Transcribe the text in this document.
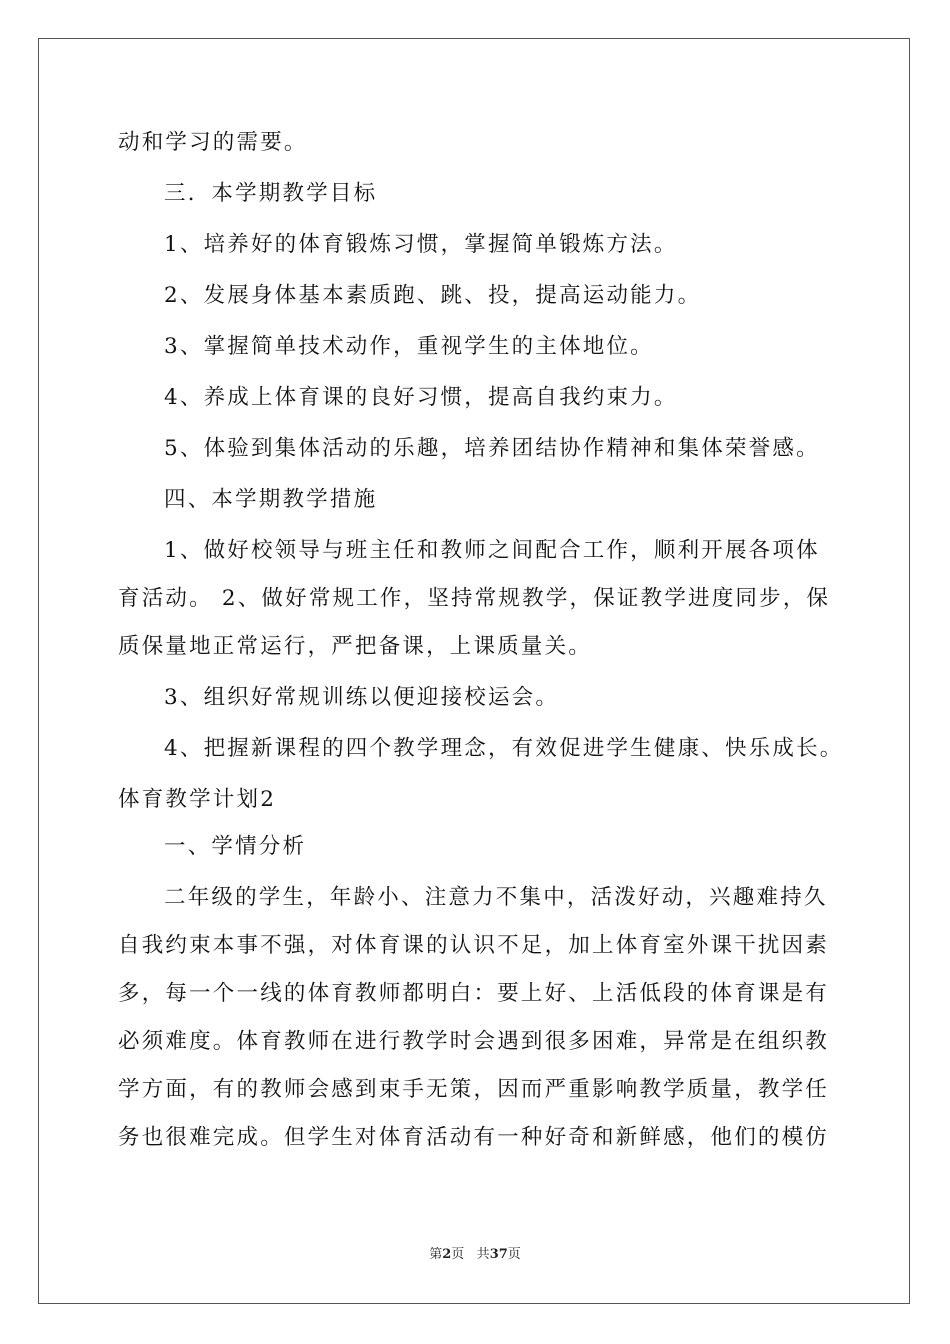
动和学习的需要。
三．本学期教学目标
1、培养好的体育锻炼习惯，掌握简单锻炼方法。
2、发展身体基本素质跑、跳、投，提高运动能力。
3、掌握简单技术动作，重视学生的主体地位。
4、养成上体育课的良好习惯，提高自我约束力。
5、体验到集体活动的乐趣，培养团结协作精神和集体荣誉感。
四、本学期教学措施
1、做好校领导与班主任和教师之间配合工作，顺利开展各项体
育活动。 2、做好常规工作，坚持常规教学，保证教学进度同步，保
质保量地正常运行，严把备课，上课质量关。
3、组织好常规训练以便迎接校运会。
4、把握新课程的四个教学理念，有效促进学生健康、快乐成长。
体育教学计划2
一、学情分析
二年级的学生，年龄小、注意力不集中，活泼好动，兴趣难持久
自我约束本事不强，对体育课的认识不足，加上体育室外课干扰因素
多，每一个一线的体育教师都明白：要上好、上活低段的体育课是有
必须难度。体育教师在进行教学时会遇到很多困难，异常是在组织教
学方面，有的教师会感到束手无策，因而严重影响教学质量，教学任
务也很难完成。但学生对体育活动有一种好奇和新鲜感，他们的模仿
第2页 共37页
